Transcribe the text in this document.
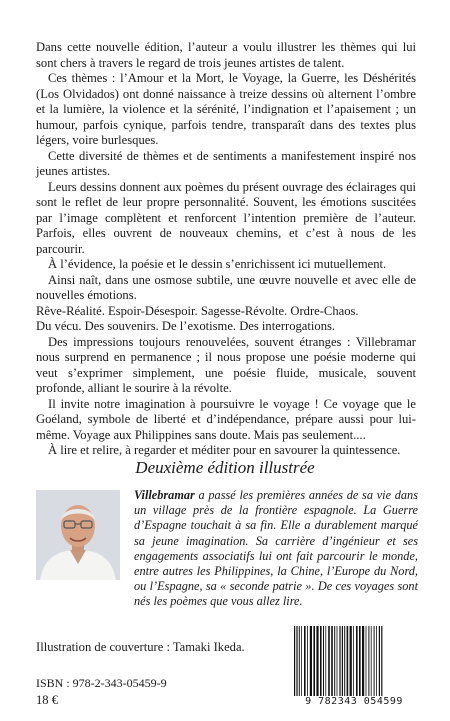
Dans cette nouvelle édition, l’auteur a voulu illustrer les thèmes qui lui sont chers à travers le regard de trois jeunes artistes de talent.

Ces thèmes : l’Amour et la Mort, le Voyage, la Guerre, les Déshérités (Los Olvidados) ont donné naissance à treize dessins où alternent l’ombre et la lumière, la violence et la sérénité, l’indignation et l’apaisement ; un humour, parfois cynique, parfois tendre, transparaît dans des textes plus légers, voire burlesques.

Cette diversité de thèmes et de sentiments a manifestement inspiré nos jeunes artistes.

Leurs dessins donnent aux poèmes du présent ouvrage des éclairages qui sont le reflet de leur propre personnalité. Souvent, les émotions suscitées par l’image complètent et renforcent l’intention première de l’auteur. Parfois, elles ouvrent de nouveaux chemins, et c’est à nous de les parcourir.

À l’évidence, la poésie et le dessin s’enrichissent ici mutuellement.

Ainsi naît, dans une osmose subtile, une œuvre nouvelle et avec elle de nouvelles émotions.

Rêve-Réalité. Espoir-Désespoir. Sagesse-Révolte. Ordre-Chaos.

Du vécu. Des souvenirs. De l’exotisme. Des interrogations.

Des impressions toujours renouvelées, souvent étranges : Villebramar nous surprend en permanence ; il nous propose une poésie moderne qui veut s’exprimer simplement, une poésie fluide, musicale, souvent profonde, alliant le sourire à la révolte.

Il invite notre imagination à poursuivre le voyage ! Ce voyage que le Goéland, symbole de liberté et d’indépendance, prépare aussi pour lui-même. Voyage aux Philippines sans doute. Mais pas seulement....

À lire et relire, à regarder et méditer pour en savourer la quintessence.

Deuxième édition illustrée
Villebramar a passé les premières années de sa vie dans un village près de la frontière espagnole. La Guerre d’Espagne touchait à sa fin. Elle a durablement marqué sa jeune imagination. Sa carrière d’ingénieur et ses engagements associatifs lui ont fait parcourir le monde, entre autres les Philippines, la Chine, l’Europe du Nord, ou l’Espagne, sa « seconde patrie ». De ces voyages sont nés les poèmes que vous allez lire.
Illustration de couverture : Tamaki Ikeda.
ISBN : 978-2-343-05459-9
18 €	9 782343 054599
